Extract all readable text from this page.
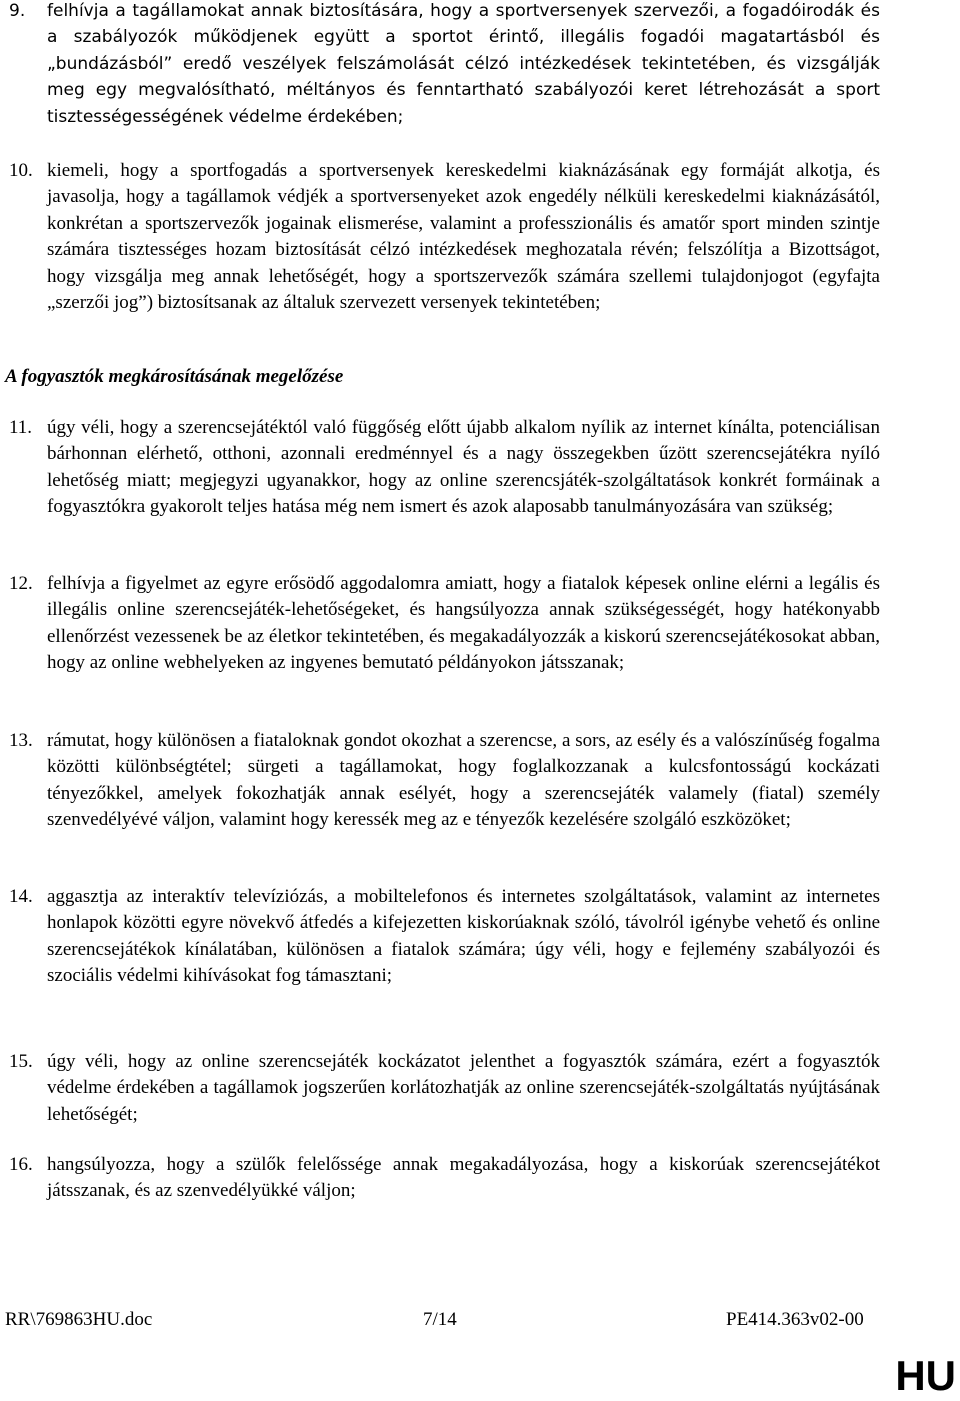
9. felhívja a tagállamokat annak biztosítására, hogy a sportversenyek szervezői, a fogadóirodák és a szabályozók működjenek együtt a sportot érintő, illegális fogadói magatartásból és „bundázásból” eredő veszélyek felszámolását célzó intézkedések tekintetében, és vizsgálják meg egy megvalósítható, méltányos és fenntartható szabályozói keret létrehozását a sport tisztességességének védelme érdekében;
10. kiemeli, hogy a sportfogadás a sportversenyek kereskedelmi kiaknázásának egy formáját alkotja, és javasolja, hogy a tagállamok védjék a sportversenyeket azok engedély nélküli kereskedelmi kiaknázásától, konkrétan a sportszervezők jogainak elismerése, valamint a professzionális és amatőr sport minden szintje számára tisztességes hozam biztosítását célzó intézkedések meghozatala révén; felszólítja a Bizottságot, hogy vizsgálja meg annak lehetőségét, hogy a sportszervezők számára szellemi tulajdonjogot (egyfajta „szerzői jog”) biztosítsanak az általuk szervezett versenyek tekintetében;
A fogyasztók megkárosításának megelőzése
11. úgy véli, hogy a szerencsejátéktól való függőség előtt újabb alkalom nyílik az internet kínálta, potenciálisan bárhonnan elérhető, otthoni, azonnali eredménnyel és a nagy összegekben űzött szerencsejátékra nyíló lehetőség miatt; megjegyzi ugyanakkor, hogy az online szerencsjáték-szolgáltatások konkrét formáinak a fogyasztókra gyakorolt teljes hatása még nem ismert és azok alaposabb tanulmányozására van szükség;
12. felhívja a figyelmet az egyre erősödő aggodalomra amiatt, hogy a fiatalok képesek online elérni a legális és illegális online szerencsejáték-lehetőségeket, és hangsúlyozza annak szükségességét, hogy hatékonyabb ellenőrzést vezessenek be az életkor tekintetében, és megakadályozzák a kiskorú szerencsejátékosokat abban, hogy az online webhelyeken az ingyenes bemutató példányokon játsszanak;
13. rámutat, hogy különösen a fiataloknak gondot okozhat a szerencse, a sors, az esély és a valószínűség fogalma közötti különbségtétel; sürgeti a tagállamokat, hogy foglalkozzanak a kulcsfontosságú kockázati tényezőkkel, amelyek fokozhatják annak esélyét, hogy a szerencsejáték valamely (fiatal) személy szenvedélyévé váljon, valamint hogy keressék meg az e tényezők kezelésére szolgáló eszközöket;
14. aggasztja az interaktív televíziózás, a mobiltelefonos és internetes szolgáltatások, valamint az internetes honlapok közötti egyre növekvő átfedés a kifejezetten kiskorúaknak szóló, távolról igénybe vehető és online szerencsejátékok kínálatában, különösen a fiatalok számára; úgy véli, hogy e fejlemény szabályozói és szociális védelmi kihívásokat fog támasztani;
15. úgy véli, hogy az online szerencsejáték kockázatot jelenthet a fogyasztók számára, ezért a fogyasztók védelme érdekében a tagállamok jogszerűen korlátozhatják az online szerencsejáték-szolgáltatás nyújtásának lehetőségét;
16. hangsúlyozza, hogy a szülők felelőssége annak megakadályozása, hogy a kiskorúak szerencsejátékot játsszanak, és az szenvedélyükké váljon;
RR\769863HU.doc	7/14	PE414.363v02-00
HU
